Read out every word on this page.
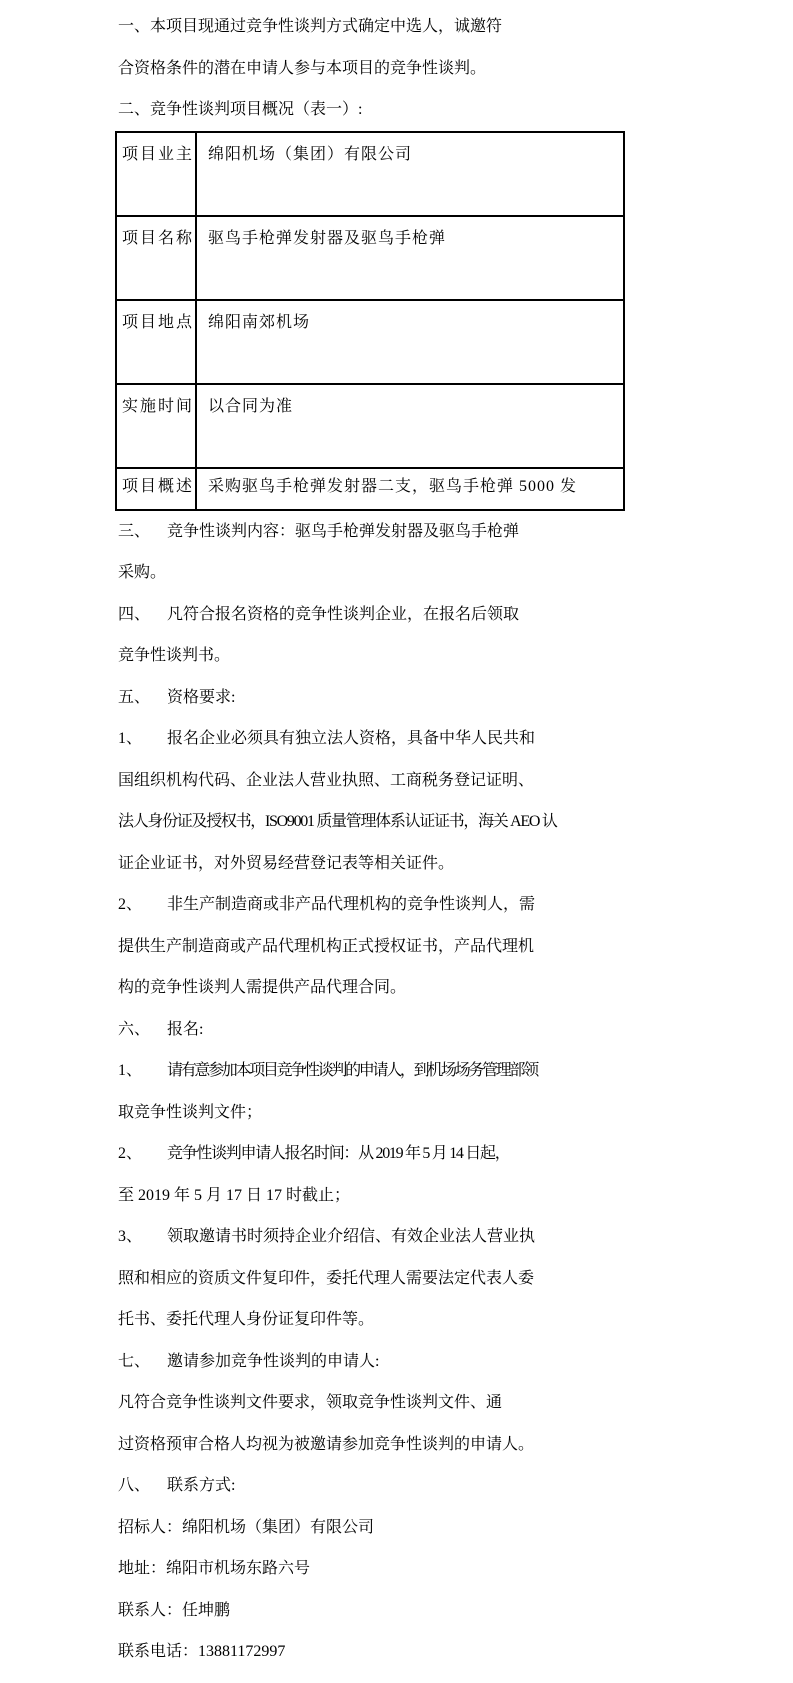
一、本项目现通过竞争性谈判方式确定中选人，诚邀符
合资格条件的潜在申请人参与本项目的竞争性谈判。
二、竞争性谈判项目概况（表一）:
项目业主	绵阳机场（集团）有限公司
项目名称	驱鸟手枪弹发射器及驱鸟手枪弹
项目地点	绵阳南郊机场
实施时间	以合同为准
项目概述	采购驱鸟手枪弹发射器二支，驱鸟手枪弹 5000 发
三、 竞争性谈判内容：驱鸟手枪弹发射器及驱鸟手枪弹
采购。
四、 凡符合报名资格的竞争性谈判企业，在报名后领取
竞争性谈判书。
五、 资格要求:
1、 报名企业必须具有独立法人资格，具备中华人民共和
国组织机构代码、企业法人营业执照、工商税务登记证明、
法人身份证及授权书，ISO9001 质量管理体系认证证书，海关 AEO 认
证企业证书，对外贸易经营登记表等相关证件。
2、 非生产制造商或非产品代理机构的竞争性谈判人，需
提供生产制造商或产品代理机构正式授权证书，产品代理机
构的竞争性谈判人需提供产品代理合同。
六、 报名:
1、 请有意参加本项目竞争性谈判的申请人，到机场场务管理部领
取竞争性谈判文件；
2、 竞争性谈判申请人报名时间：从 2019 年 5 月 14 日起，
至 2019 年 5 月 17 日 17 时截止；
3、 领取邀请书时须持企业介绍信、有效企业法人营业执
照和相应的资质文件复印件，委托代理人需要法定代表人委
托书、委托代理人身份证复印件等。
七、 邀请参加竞争性谈判的申请人:
凡符合竞争性谈判文件要求，领取竞争性谈判文件、通
过资格预审合格人均视为被邀请参加竞争性谈判的申请人。
八、 联系方式:
招标人：绵阳机场（集团）有限公司
地址：绵阳市机场东路六号
联系人：任坤鹏
联系电话：13881172997
